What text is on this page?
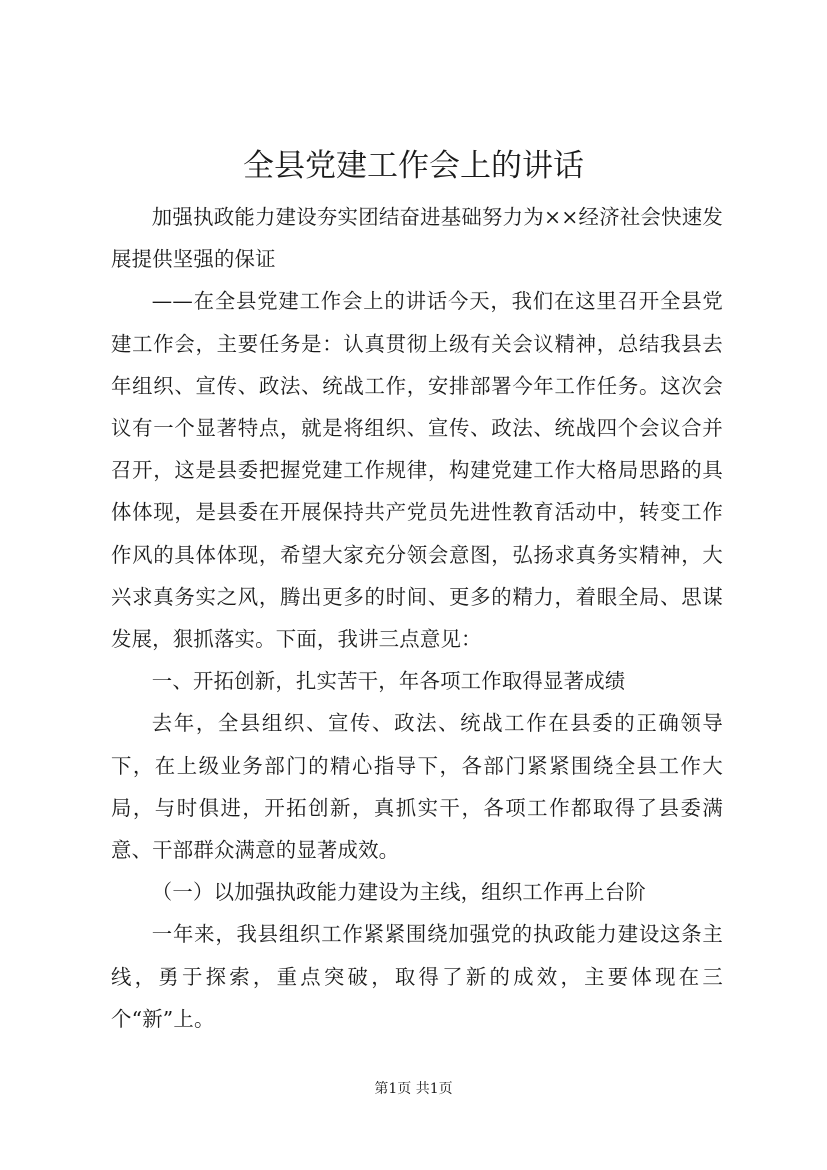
全县党建工作会上的讲话

加强执政能力建设夯实团结奋进基础努力为××经济社会快速发展提供坚强的保证

——在全县党建工作会上的讲话今天，我们在这里召开全县党建工作会，主要任务是：认真贯彻上级有关会议精神，总结我县去年组织、宣传、政法、统战工作，安排部署今年工作任务。这次会议有一个显著特点，就是将组织、宣传、政法、统战四个会议合并召开，这是县委把握党建工作规律，构建党建工作大格局思路的具体体现，是县委在开展保持共产党员先进性教育活动中，转变工作作风的具体体现，希望大家充分领会意图，弘扬求真务实精神，大兴求真务实之风，腾出更多的时间、更多的精力，着眼全局、思谋发展，狠抓落实。下面，我讲三点意见：

一、开拓创新，扎实苦干，年各项工作取得显著成绩

去年，全县组织、宣传、政法、统战工作在县委的正确领导下，在上级业务部门的精心指导下，各部门紧紧围绕全县工作大局，与时俱进，开拓创新，真抓实干，各项工作都取得了县委满意、干部群众满意的显著成效。

（一）以加强执政能力建设为主线，组织工作再上台阶

一年来，我县组织工作紧紧围绕加强党的执政能力建设这条主线，勇于探索，重点突破，取得了新的成效，主要体现在三个“新”上。

第1页 共1页
